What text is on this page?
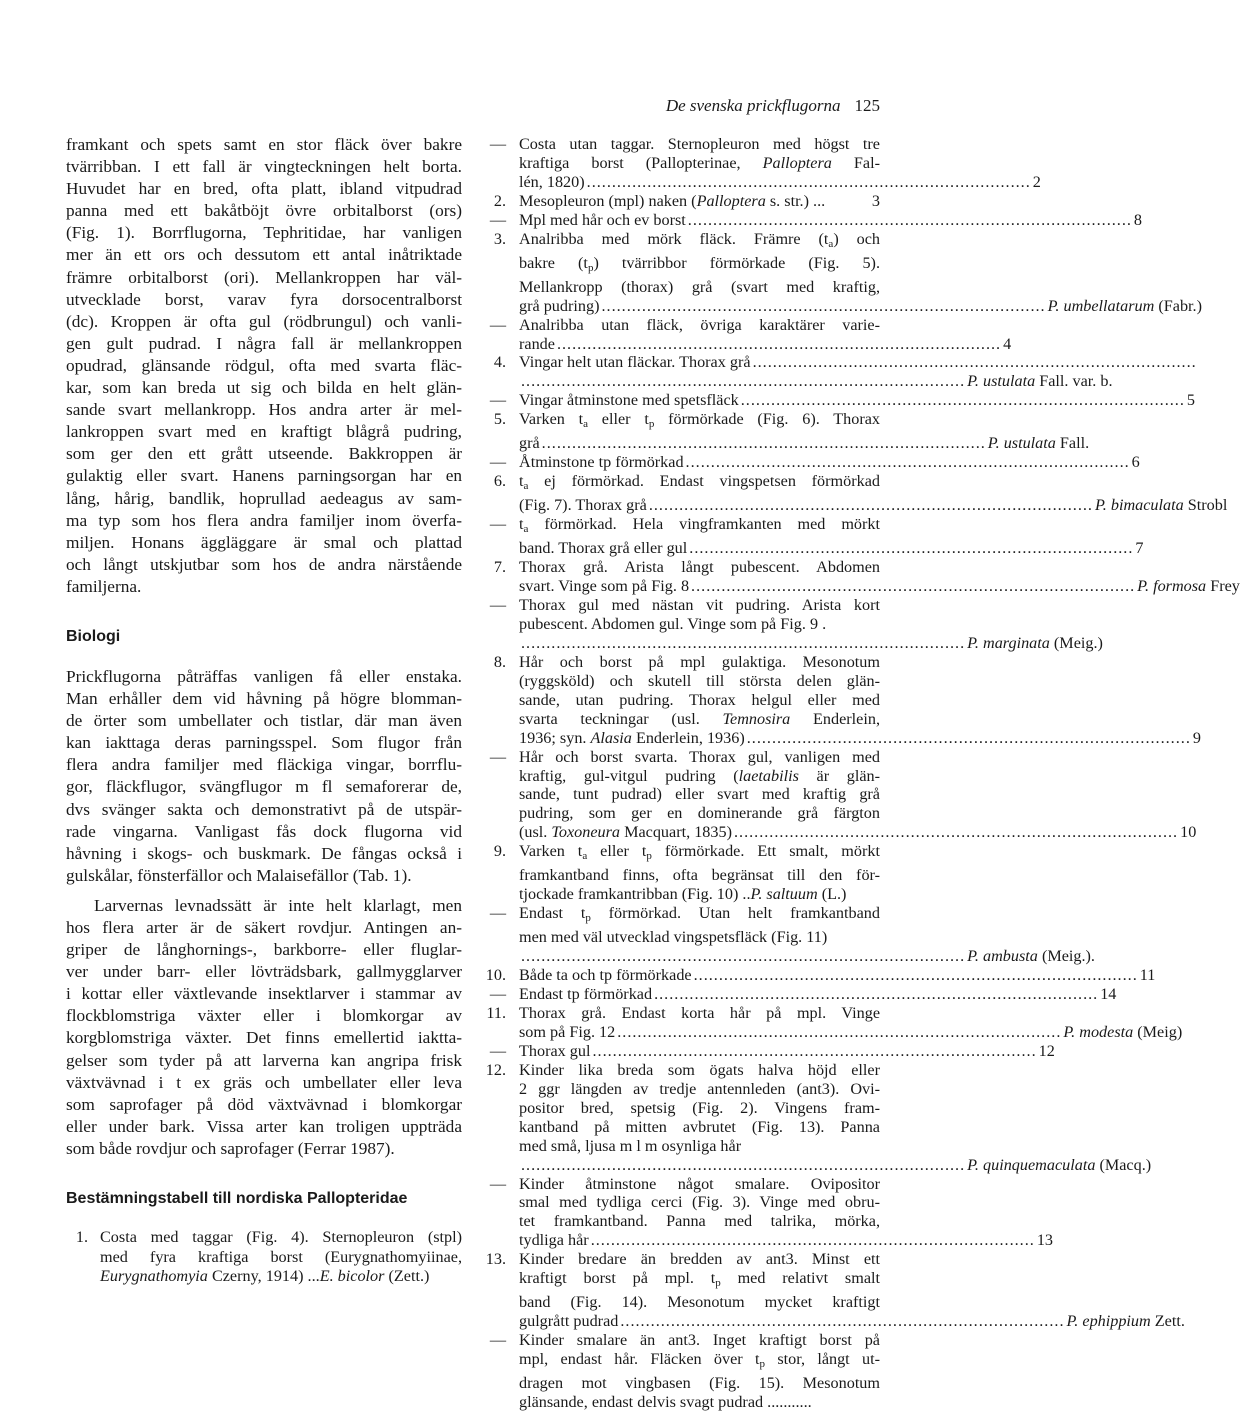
De svenska prickflugorna 125

framkant och spets samt en stor fläck över bakre
tvärribban. I ett fall är vingteckningen helt borta.
Huvudet har en bred, ofta platt, ibland vitpudrad
panna med ett bakåtböjt övre orbitalborst (ors)
(Fig. 1). Borrflugorna, Tephritidae, har vanligen
mer än ett ors och dessutom ett antal inåtriktade
främre orbitalborst (ori). Mellankroppen har väl-
utvecklade borst, varav fyra dorsocentralborst
(dc). Kroppen är ofta gul (rödbrungul) och vanli-
gen gult pudrad. I några fall är mellankroppen
opudrad, glänsande rödgul, ofta med svarta fläc-
kar, som kan breda ut sig och bilda en helt glän-
sande svart mellankropp. Hos andra arter är mel-
lankroppen svart med en kraftigt blågrå pudring,
som ger den ett grått utseende. Bakkroppen är
gulaktig eller svart. Hanens parningsorgan har en
lång, hårig, bandlik, hoprullad aedeagus av sam-
ma typ som hos flera andra familjer inom överfa-
miljen. Honans äggläggare är smal och plattad
och långt utskjutbar som hos de andra närstående
familjerna.

Biologi

Prickflugorna påträffas vanligen få eller enstaka.
Man erhåller dem vid håvning på högre blomman-
de örter som umbellater och tistlar, där man även
kan iakttaga deras parningsspel. Som flugor från
flera andra familjer med fläckiga vingar, borrflu-
gor, fläckflugor, svängflugor m fl semaforerar de,
dvs svänger sakta och demonstrativt på de utspär-
rade vingarna. Vanligast fås dock flugorna vid
håvning i skogs- och buskmark. De fångas också i
gulskålar, fönsterfällor och Malaisefällor (Tab. 1).

Larvernas levnadssätt är inte helt klarlagt, men
hos flera arter är de säkert rovdjur. Antingen an-
griper de långhornings-, barkborre- eller fluglar-
ver under barr- eller lövträdsbark, gallmygglarver
i kottar eller växtlevande insektlarver i stammar av
flockblomstriga växter eller i blomkorgar av
korgblomstriga växter. Det finns emellertid iaktta-
gelser som tyder på att larverna kan angripa frisk
växtvävnad i t ex gräs och umbellater eller leva
som saprofager på död växtvävnad i blomkorgar
eller under bark. Vissa arter kan troligen uppträda
som både rovdjur och saprofager (Ferrar 1987).

Bestämningstabell till nordiska Pallopteridae
1. Costa med taggar (Fig. 4). Sternopleuron (stpl)
med fyra kraftiga borst (Eurygnathomyiinae,
Eurygnathomyia Czerny, 1914) ...E. bicolor (Zett.)
— Costa utan taggar. Sternopleuron med högst tre
kraftiga borst (Pallopterinae, Palloptera Fal-
lén, 1820) ........................................................................................ 2
2. Mesopleuron (mpl) naken (Palloptera s. str.) ...	3
— Mpl med hår och ev borst ........................................................................................ 8
3. Analribba med mörk fläck. Främre $(t_a)$ och
bakre $(t_p)$ tvärribbor förmörkade (Fig. 5).
Mellankropp (thorax) grå (svart med kraftig,
grå pudring) ........................................................................................ P. umbellatarum (Fabr.)
— Analribba utan fläck, övriga karaktärer varie-
rande ........................................................................................ 4
4. Vingar helt utan fläckar. Thorax grå ........................................................................................
........................................................................................ P. ustulata Fall. var. b.
— Vingar åtminstone med spetsfläck ........................................................................................ 5
5. Varken $t_a$ eller $t_p$ förmörkade (Fig. 6). Thorax
grå ........................................................................................ P. ustulata Fall.
— Åtminstone tp förmörkad ........................................................................................ 6
6. $t_a$ ej förmörkad. Endast vingspetsen förmörkad
(Fig. 7). Thorax grå ........................................................................................ P. bimaculata Strobl
— $t_a$ förmörkad. Hela vingframkanten med mörkt
band. Thorax grå eller gul ........................................................................................ 7
7. Thorax grå. Arista långt pubescent. Abdomen
svart. Vinge som på Fig. 8 ........................................................................................ P. formosa Frey
— Thorax gul med nästan vit pudring. Arista kort
pubescent. Abdomen gul. Vinge som på Fig. 9 .
........................................................................................ P. marginata (Meig.)
8. Hår och borst på mpl gulaktiga. Mesonotum
(ryggsköld) och skutell till största delen glän-
sande, utan pudring. Thorax helgul eller med
svarta teckningar (usl. Temnosira Enderlein,
1936; syn. Alasia Enderlein, 1936) ........................................................................................ 9
— Hår och borst svarta. Thorax gul, vanligen med
kraftig, gul-vitgul pudring (laetabilis är glän-
sande, tunt pudrad) eller svart med kraftig grå
pudring, som ger en dominerande grå färgton
(usl. Toxoneura Macquart, 1835) ........................................................................................ 10
9. Varken $t_a$ eller $t_p$ förmörkade. Ett smalt, mörkt
framkantband finns, ofta begränsat till den för-
tjockade framkantribban (Fig. 10) ..P. saltuum (L.)
— Endast $t_p$ förmörkad. Utan helt framkantband
men med väl utvecklad vingspetsfläck (Fig. 11)
........................................................................................ P. ambusta (Meig.).
10. Både ta och tp förmörkade ........................................................................................ 11
— Endast tp förmörkad ........................................................................................ 14
11. Thorax grå. Endast korta hår på mpl. Vinge
som på Fig. 12 ........................................................................................ P. modesta (Meig)
— Thorax gul ........................................................................................ 12
12. Kinder lika breda som ögats halva höjd eller
2 ggr längden av tredje antennleden (ant3). Ovi-
positor bred, spetsig (Fig. 2). Vingens fram-
kantband på mitten avbrutet (Fig. 13). Panna
med små, ljusa m l m osynliga hår
........................................................................................ P. quinquemaculata (Macq.)
— Kinder åtminstone något smalare. Ovipositor
smal med tydliga cerci (Fig. 3). Vinge med obru-
tet framkantband. Panna med talrika, mörka,
tydliga hår ........................................................................................ 13
13. Kinder bredare än bredden av ant3. Minst ett
kraftigt borst på mpl. $t_p$ med relativt smalt
band (Fig. 14). Mesonotum mycket kraftigt
gulgrått pudrad ........................................................................................ P. ephippium Zett.
— Kinder smalare än ant3. Inget kraftigt borst på
mpl, endast hår. Fläcken över $t_p$ stor, långt ut-
dragen mot vingbasen (Fig. 15). Mesonotum
glänsande, endast delvis svagt pudrad ...........
